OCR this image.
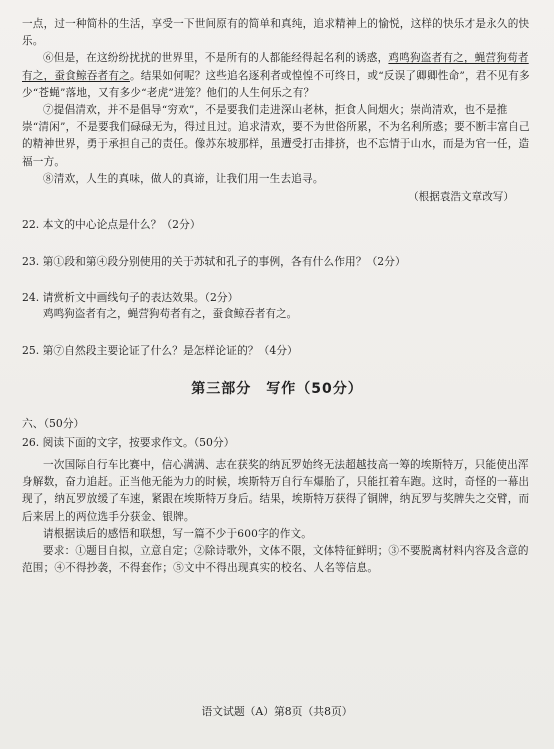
一点，过一种简朴的生活，享受一下世间原有的简单和真纯，追求精神上的愉悦，这样的快乐才是永久的快乐。

⑥但是，在这纷纷扰扰的世界里，不是所有的人都能经得起名利的诱惑，鸡鸣狗盗者有之，蝇营狗苟者有之，蚕食鲸吞者有之。结果如何呢？这些追名逐利者或惶惶不可终日，或“反误了卿卿性命”，君不见有多少“苍蝇”落地，又有多少“老虎”进笼？他们的人生何乐之有？

⑦提倡清欢，并不是倡导“穷欢”，不是要我们走进深山老林，拒食人间烟火；崇尚清欢，也不是推崇“清闲”，不是要我们碌碌无为，得过且过。追求清欢，要不为世俗所累，不为名利所惑；要不断丰富自己的精神世界，勇于承担自己的责任。像苏东坡那样，虽遭受打击排挤，也不忘情于山水，而是为官一任，造福一方。

⑧清欢，人生的真味，做人的真谛，让我们用一生去追寻。

（根据袁浩文章改写）

22. 本文的中心论点是什么？（2分）

23. 第①段和第④段分别使用的关于苏轼和孔子的事例，各有什么作用？（2分）

24. 请赏析文中画线句子的表达效果。（2分）

鸡鸣狗盗者有之，蝇营狗苟者有之，蚕食鲸吞者有之。

25. 第⑦自然段主要论证了什么？是怎样论证的？（4分）

第三部分　写作（50分）

六、（50分）

26. 阅读下面的文字，按要求作文。（50分）

一次国际自行车比赛中，信心满满、志在获奖的纳瓦罗始终无法超越技高一筹的埃斯特万，只能使出浑身解数，奋力追赶。正当他无能为力的时候，埃斯特万自行车爆胎了，只能扛着车跑。这时，奇怪的一幕出现了，纳瓦罗放缓了车速，紧跟在埃斯特万身后。结果，埃斯特万获得了铜牌，纳瓦罗与奖牌失之交臂，而后来居上的两位选手分获金、银牌。

请根据读后的感悟和联想，写一篇不少于600字的作文。

要求：①题目自拟，立意自定；②除诗歌外，文体不限，文体特征鲜明；③不要脱离材料内容及含意的范围；④不得抄袭，不得套作；⑤文中不得出现真实的校名、人名等信息。

语文试题（A）第8页（共8页）
